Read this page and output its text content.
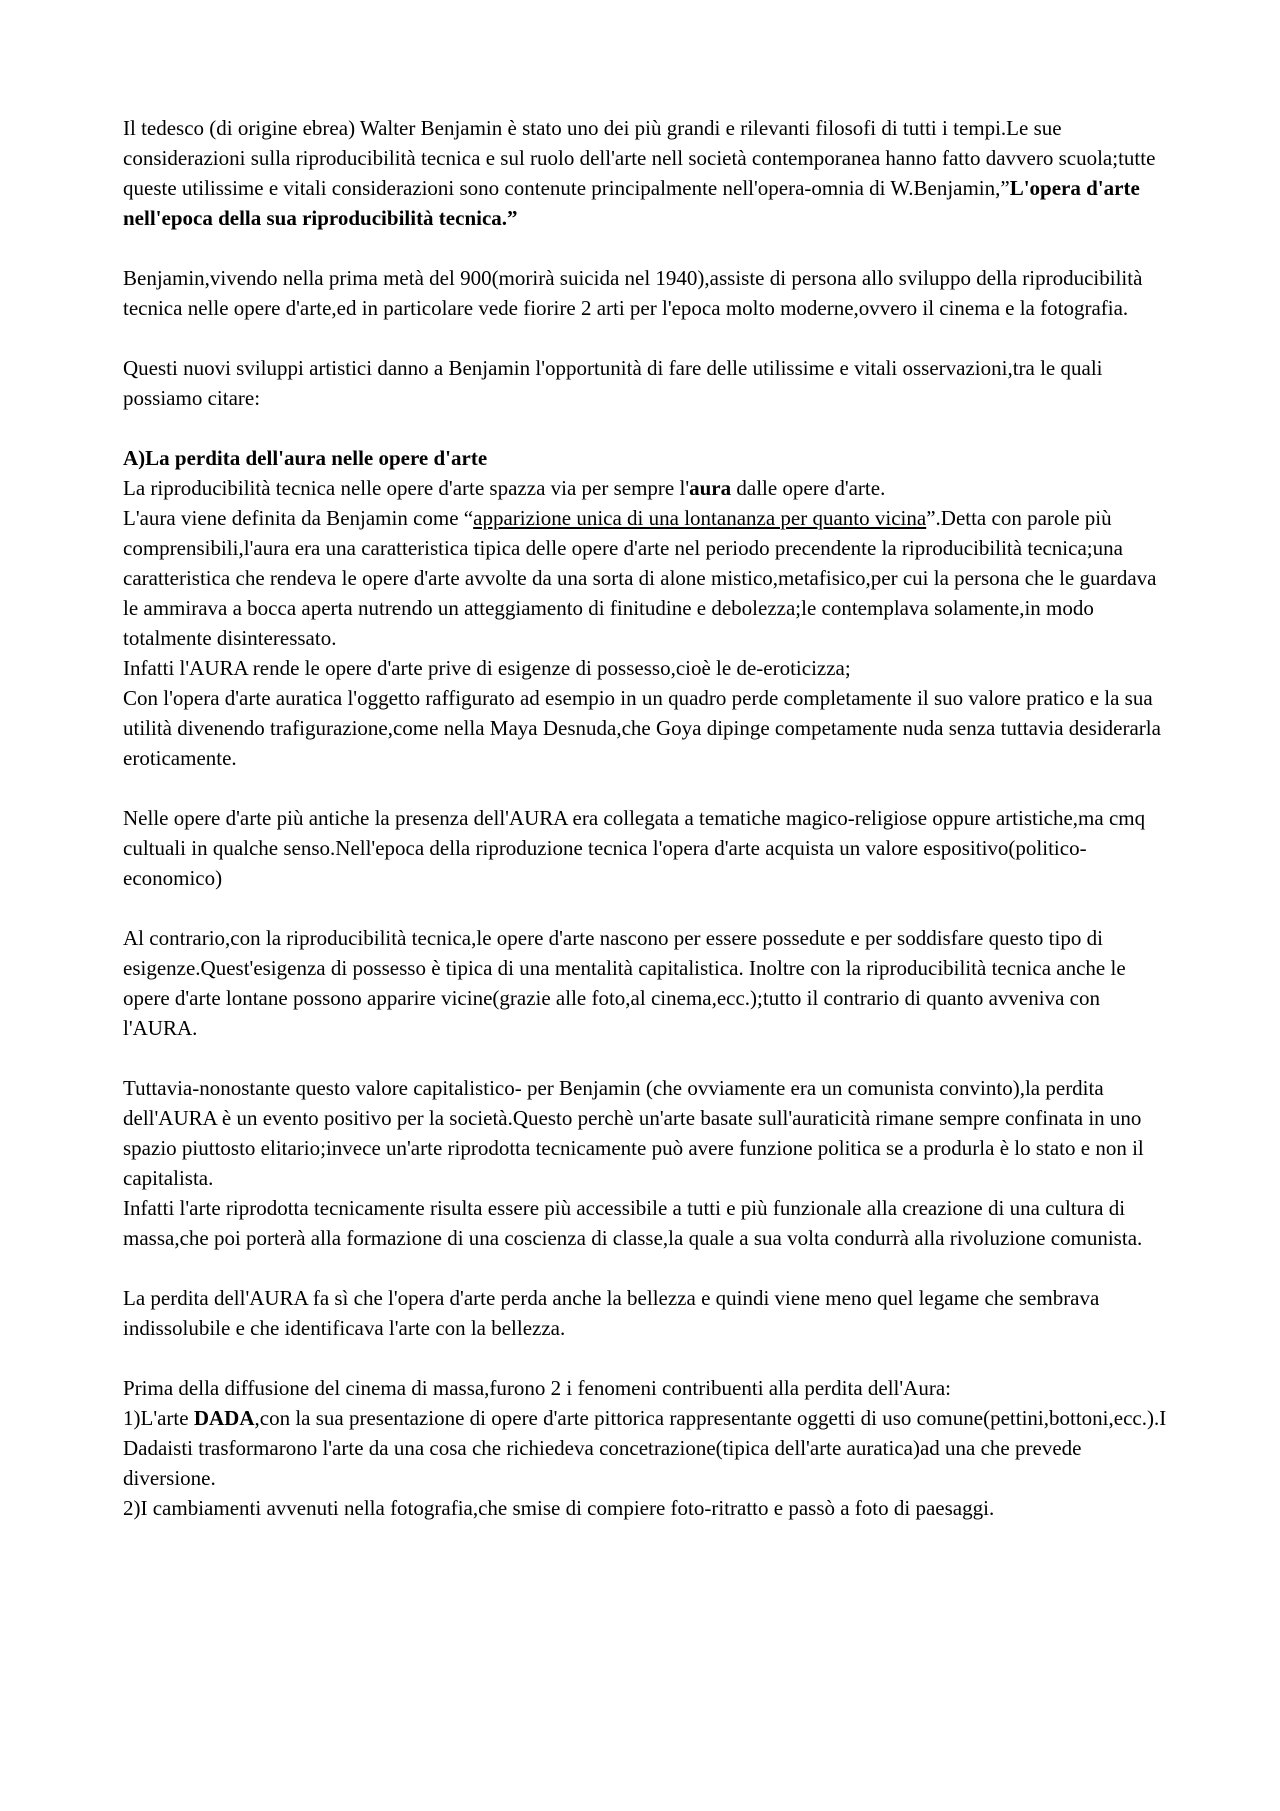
Il tedesco (di origine ebrea) Walter Benjamin è stato uno dei più grandi e rilevanti filosofi di tutti i tempi.Le sue considerazioni sulla riproducibilità tecnica e sul ruolo dell'arte nell società contemporanea hanno fatto davvero scuola;tutte queste utilissime e vitali considerazioni sono contenute principalmente nell'opera-omnia di W.Benjamin,”L'opera d'arte nell'epoca della sua riproducibilità tecnica.”

Benjamin,vivendo nella prima metà del 900(morirà suicida nel 1940),assiste di persona allo sviluppo della riproducibilità tecnica nelle opere d'arte,ed in particolare vede fiorire 2 arti per l'epoca molto moderne,ovvero il cinema e la fotografia.

Questi nuovi sviluppi artistici danno a Benjamin l'opportunità di fare delle utilissime e vitali osservazioni,tra le quali possiamo citare:

A)La perdita dell'aura nelle opere d'arte

La riproducibilità tecnica nelle opere d'arte spazza via per sempre l'aura dalle opere d'arte.

L'aura viene definita da Benjamin come “apparizione unica di una lontananza per quanto vicina”.Detta con parole più comprensibili,l'aura era una caratteristica tipica delle opere d'arte nel periodo precendente la riproducibilità tecnica;una caratteristica che rendeva le opere d'arte avvolte da una sorta di alone mistico,metafisico,per cui la persona che le guardava le ammirava a bocca aperta nutrendo un atteggiamento di finitudine e debolezza;le contemplava solamente,in modo totalmente disinteressato.

Infatti l'AURA rende le opere d'arte prive di esigenze di possesso,cioè le de-eroticizza;

Con l'opera d'arte auratica l'oggetto raffigurato ad esempio in un quadro perde completamente il suo valore pratico e la sua utilità divenendo trafigurazione,come nella Maya Desnuda,che Goya dipinge competamente nuda senza tuttavia desiderarla eroticamente.

Nelle opere d'arte più antiche la presenza dell'AURA era collegata a tematiche magico-religiose oppure artistiche,ma cmq cultuali in qualche senso.Nell'epoca della riproduzione tecnica l'opera d'arte acquista un valore espositivo(politico-economico)

Al contrario,con la riproducibilità tecnica,le opere d'arte nascono per essere possedute e per soddisfare questo tipo di esigenze.Quest'esigenza di possesso è tipica di una mentalità capitalistica. Inoltre con la riproducibilità tecnica anche le opere d'arte lontane possono apparire vicine(grazie alle foto,al cinema,ecc.);tutto il contrario di quanto avveniva con l'AURA.

Tuttavia-nonostante questo valore capitalistico- per Benjamin (che ovviamente era un comunista convinto),la perdita dell'AURA è un evento positivo per la società.Questo perchè un'arte basate sull'auraticità rimane sempre confinata in uno spazio piuttosto elitario;invece un'arte riprodotta tecnicamente può avere funzione politica se a produrla è lo stato e non il capitalista.

Infatti l'arte riprodotta tecnicamente risulta essere più accessibile a tutti e più funzionale alla creazione di una cultura di massa,che poi porterà alla formazione di una coscienza di classe,la quale a sua volta condurrà alla rivoluzione comunista.

La perdita dell'AURA fa sì che l'opera d'arte perda anche la bellezza e quindi viene meno quel legame che sembrava indissolubile e che identificava l'arte con la bellezza.

Prima della diffusione del cinema di massa,furono 2 i fenomeni contribuenti alla perdita dell'Aura:

1)L'arte DADA,con la sua presentazione di opere d'arte pittorica rappresentante oggetti di uso comune(pettini,bottoni,ecc.).I Dadaisti trasformarono l'arte da una cosa che richiedeva concetrazione(tipica dell'arte auratica)ad una che prevede diversione.

2)I cambiamenti avvenuti nella fotografia,che smise di compiere foto-ritratto e passò a foto di paesaggi.
